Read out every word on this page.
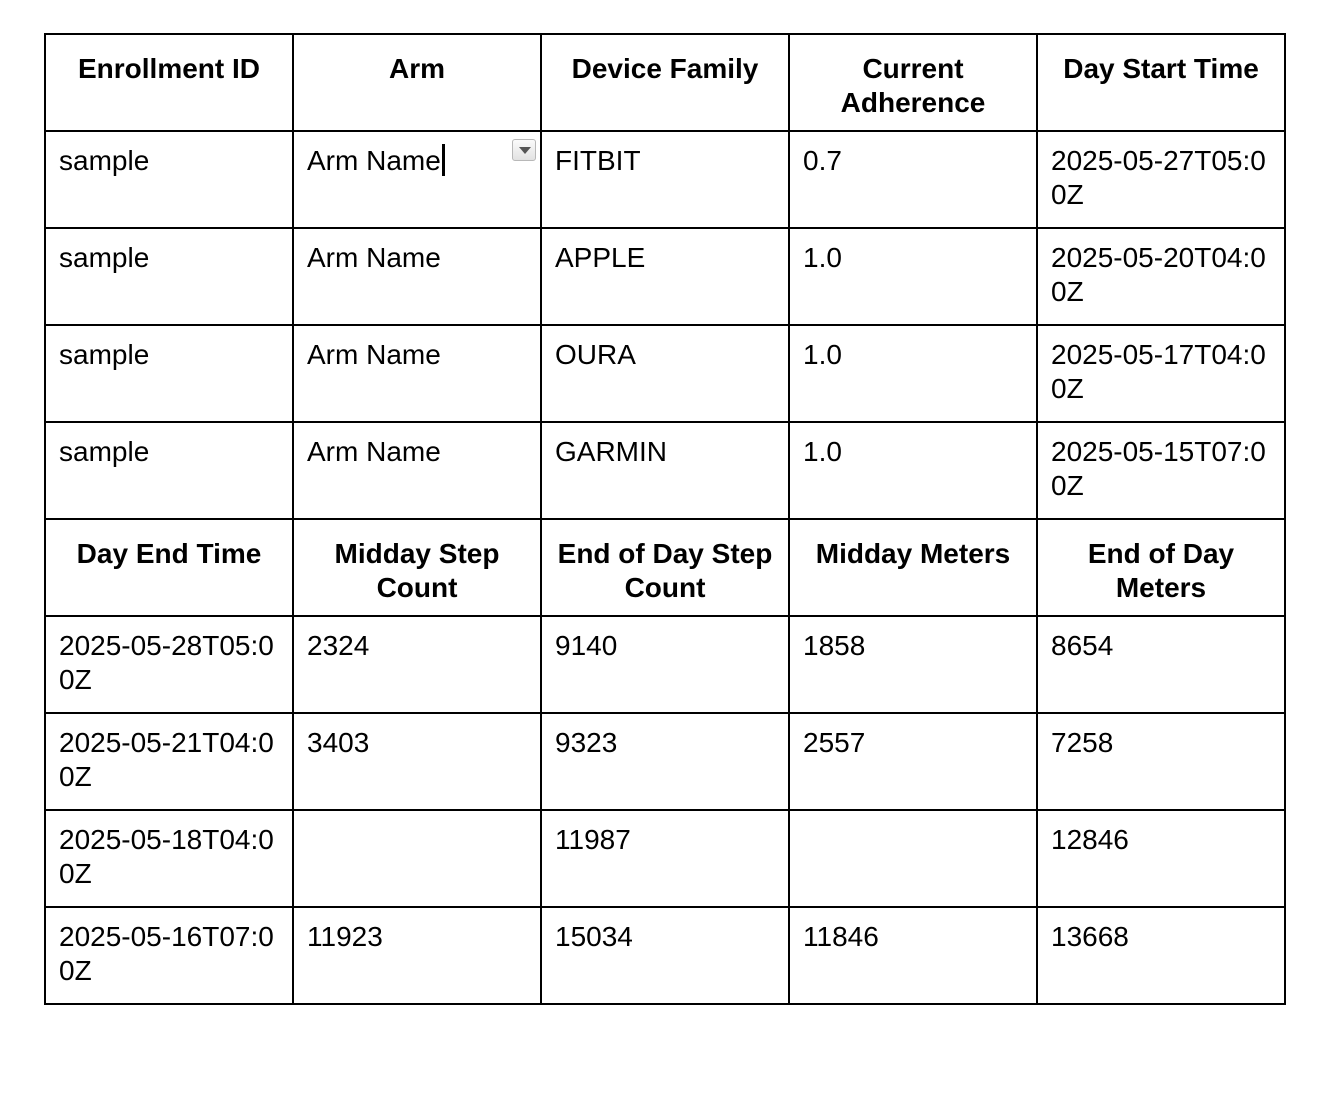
Enrollment ID	Arm	Device Family	Current Adherence	Day Start Time
sample	Arm Name	FITBIT	0.7	2025-05-27T05:00Z
sample	Arm Name	APPLE	1.0	2025-05-20T04:00Z
sample	Arm Name	OURA	1.0	2025-05-17T04:00Z
sample	Arm Name	GARMIN	1.0	2025-05-15T07:00Z
Day End Time	Midday Step Count	End of Day Step Count	Midday Meters	End of Day Meters
2025-05-28T05:00Z	2324	9140	1858	8654
2025-05-21T04:00Z	3403	9323	2557	7258
2025-05-18T04:00Z		11987		12846
2025-05-16T07:00Z	11923	15034	11846	13668
